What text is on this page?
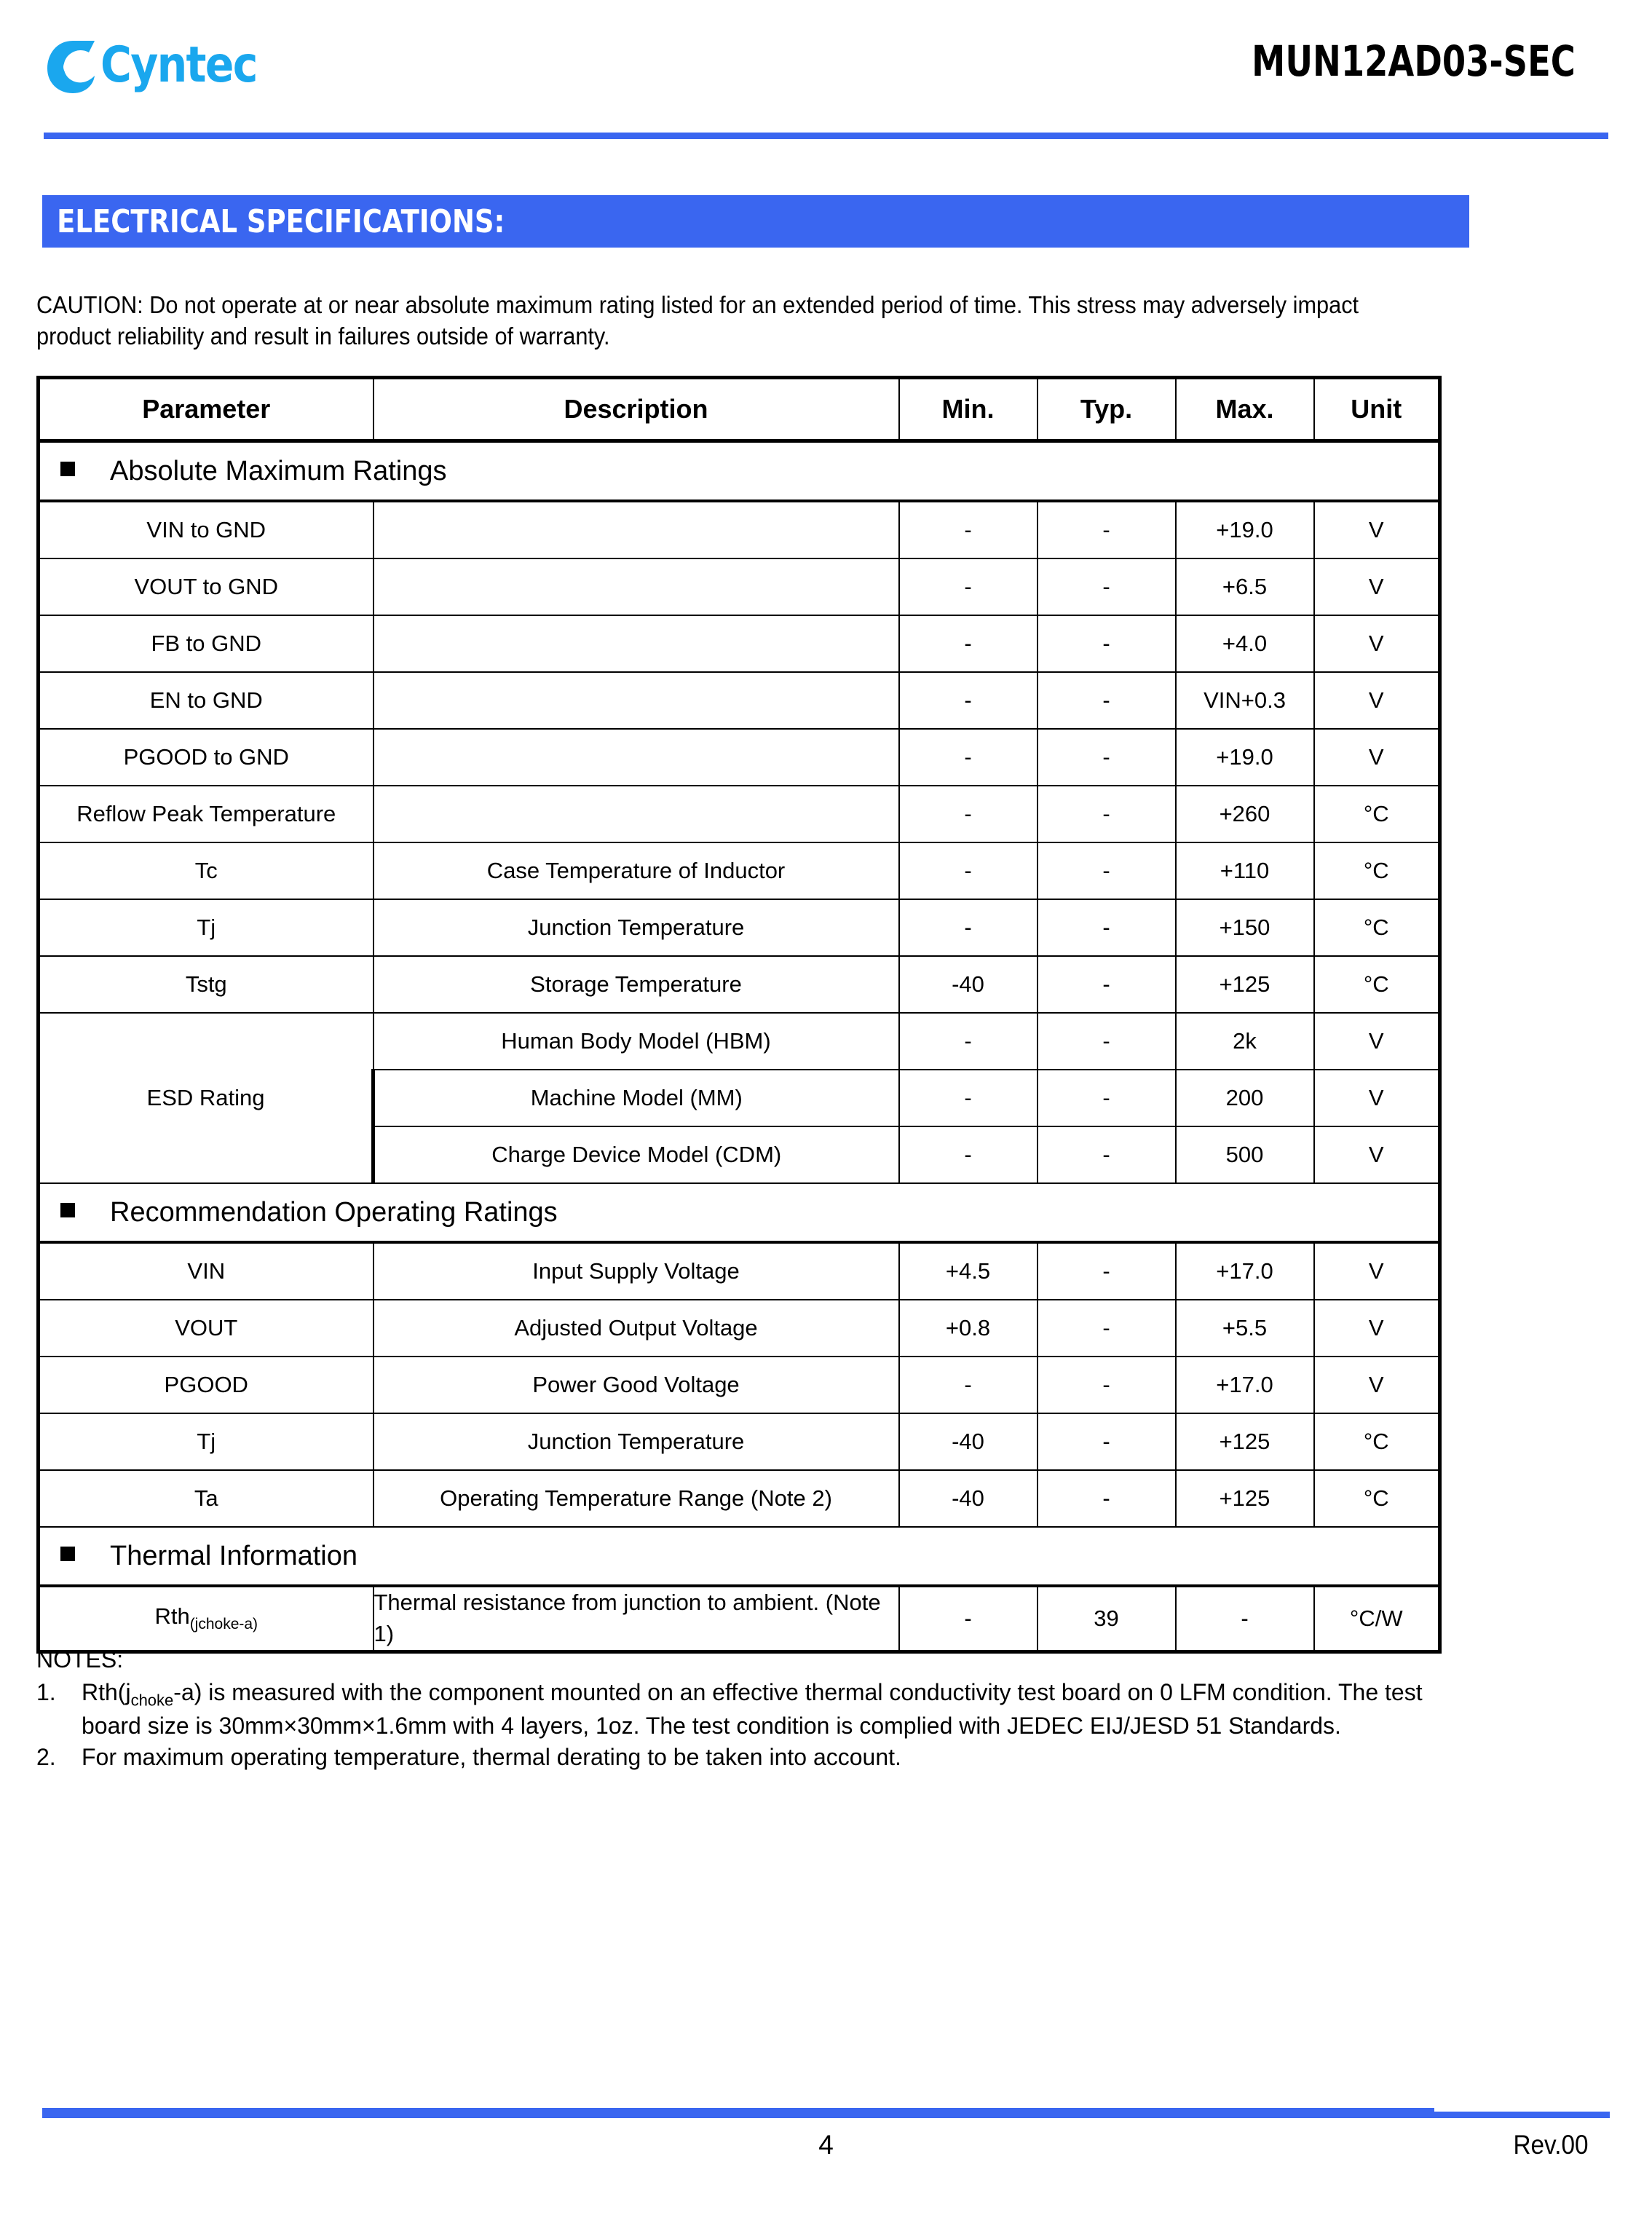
Cyntec	MUN12AD03-SEC
ELECTRICAL SPECIFICATIONS:
CAUTION: Do not operate at or near absolute maximum rating listed for an extended period of time. This stress may adversely impact product reliability and result in failures outside of warranty.
Parameter	Description	Min.	Typ.	Max.	Unit
Absolute Maximum Ratings					
VIN to GND		-	-	+19.0	V
VOUT to GND		-	-	+6.5	V
FB to GND		-	-	+4.0	V
EN to GND		-	-	VIN+0.3	V
PGOOD to GND		-	-	+19.0	V
Reflow Peak Temperature		-	-	+260	°C
Tc	Case Temperature of Inductor	-	-	+110	°C
Tj	Junction Temperature	-	-	+150	°C
Tstg	Storage Temperature	-40	-	+125	°C
ESD Rating	Human Body Model (HBM)	-	-	2k	V
	Machine Model (MM)	-	-	200	V
	Charge Device Model (CDM)	-	-	500	V
Recommendation Operating Ratings					
VIN	Input Supply Voltage	+4.5	-	+17.0	V
VOUT	Adjusted Output Voltage	+0.8	-	+5.5	V
PGOOD	Power Good Voltage	-	-	+17.0	V
Tj	Junction Temperature	-40	-	+125	°C
Ta	Operating Temperature Range (Note 2)	-40	-	+125	°C
Thermal Information					
Rth$_{(jchoke-a)}$	Thermal resistance from junction to ambient. (Note 1)	-	39	-	°C/W
NOTES:
1.	$Rth(j_{choke}-a)$ is measured with the component mounted on an effective thermal conductivity test board on 0 LFM condition. The test board size is 30mm×30mm×1.6mm with 4 layers, 1oz. The test condition is complied with JEDEC EIJ/JESD 51 Standards.
2.	For maximum operating temperature, thermal derating to be taken into account.
4	Rev.00
